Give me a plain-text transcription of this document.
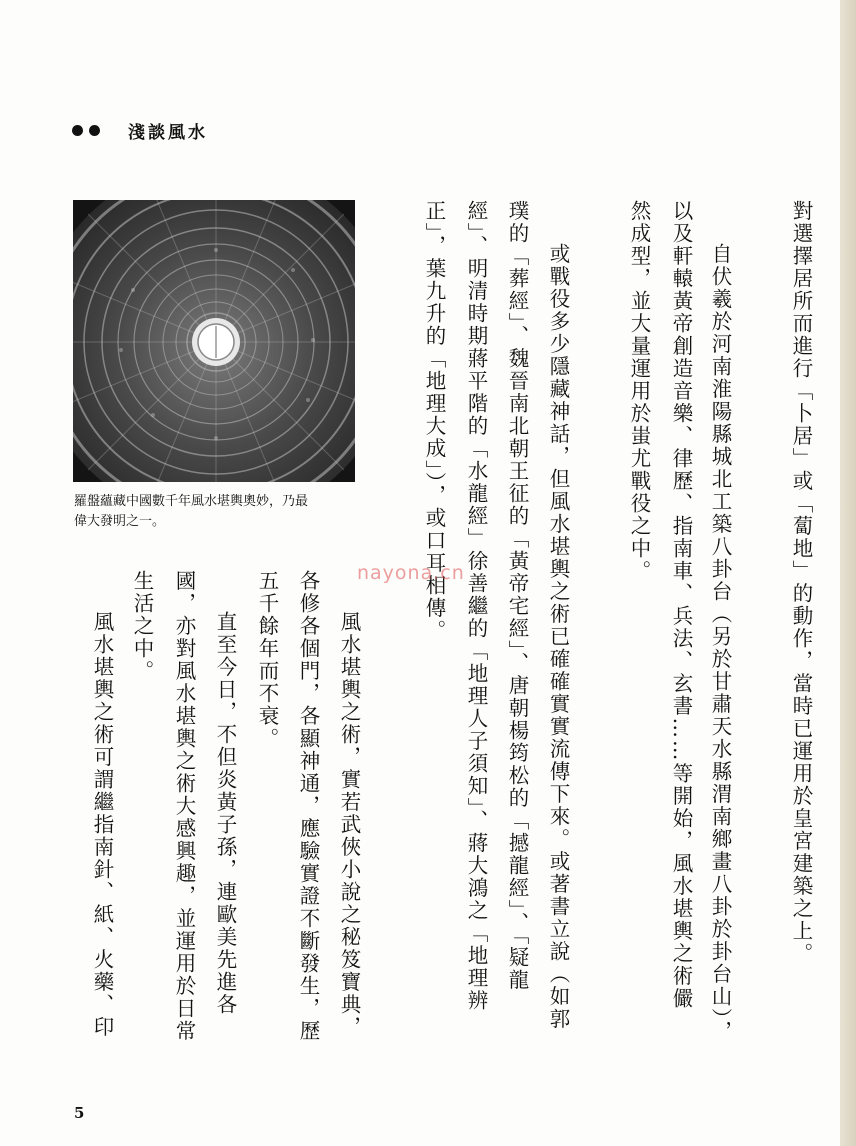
淺談風水
羅盤蘊藏中國數千年風水堪輿奧妙，乃最
偉大發明之一。	對選擇居所而進行「卜居」或「蔔地」的動作，當時已運用於皇宮建築之上。
自伏羲於河南淮陽縣城北工築八卦台（另於甘肅天水縣渭南鄉畫八卦於卦台山），
以及軒轅黃帝創造音樂、律歷、指南車、兵法、玄書……等開始，風水堪輿之術儼
然成型，並大量運用於蚩尤戰役之中。
或戰役多少隱藏神話，但風水堪輿之術已確確實實流傳下來。或著書立說（如郭
璞的「葬經」、魏晉南北朝王征的「黃帝宅經」、唐朝楊筠松的「撼龍經」、「疑龍
經」、明清時期蔣平階的「水龍經」徐善繼的「地理人子須知」、蔣大鴻之「地理辨
正」，葉九升的「地理大成」），或口耳相傳。
風水堪輿之術，實若武俠小說之秘笈寶典，
各修各個門，各顯神通，應驗實證不斷發生，歷
五千餘年而不衰。
直至今日，不但炎黃子孫，連歐美先進各
國，亦對風水堪輿之術大感興趣，並運用於日常
生活之中。
風水堪輿之術可謂繼指南針、紙、火藥、印
nayona.cn
5
